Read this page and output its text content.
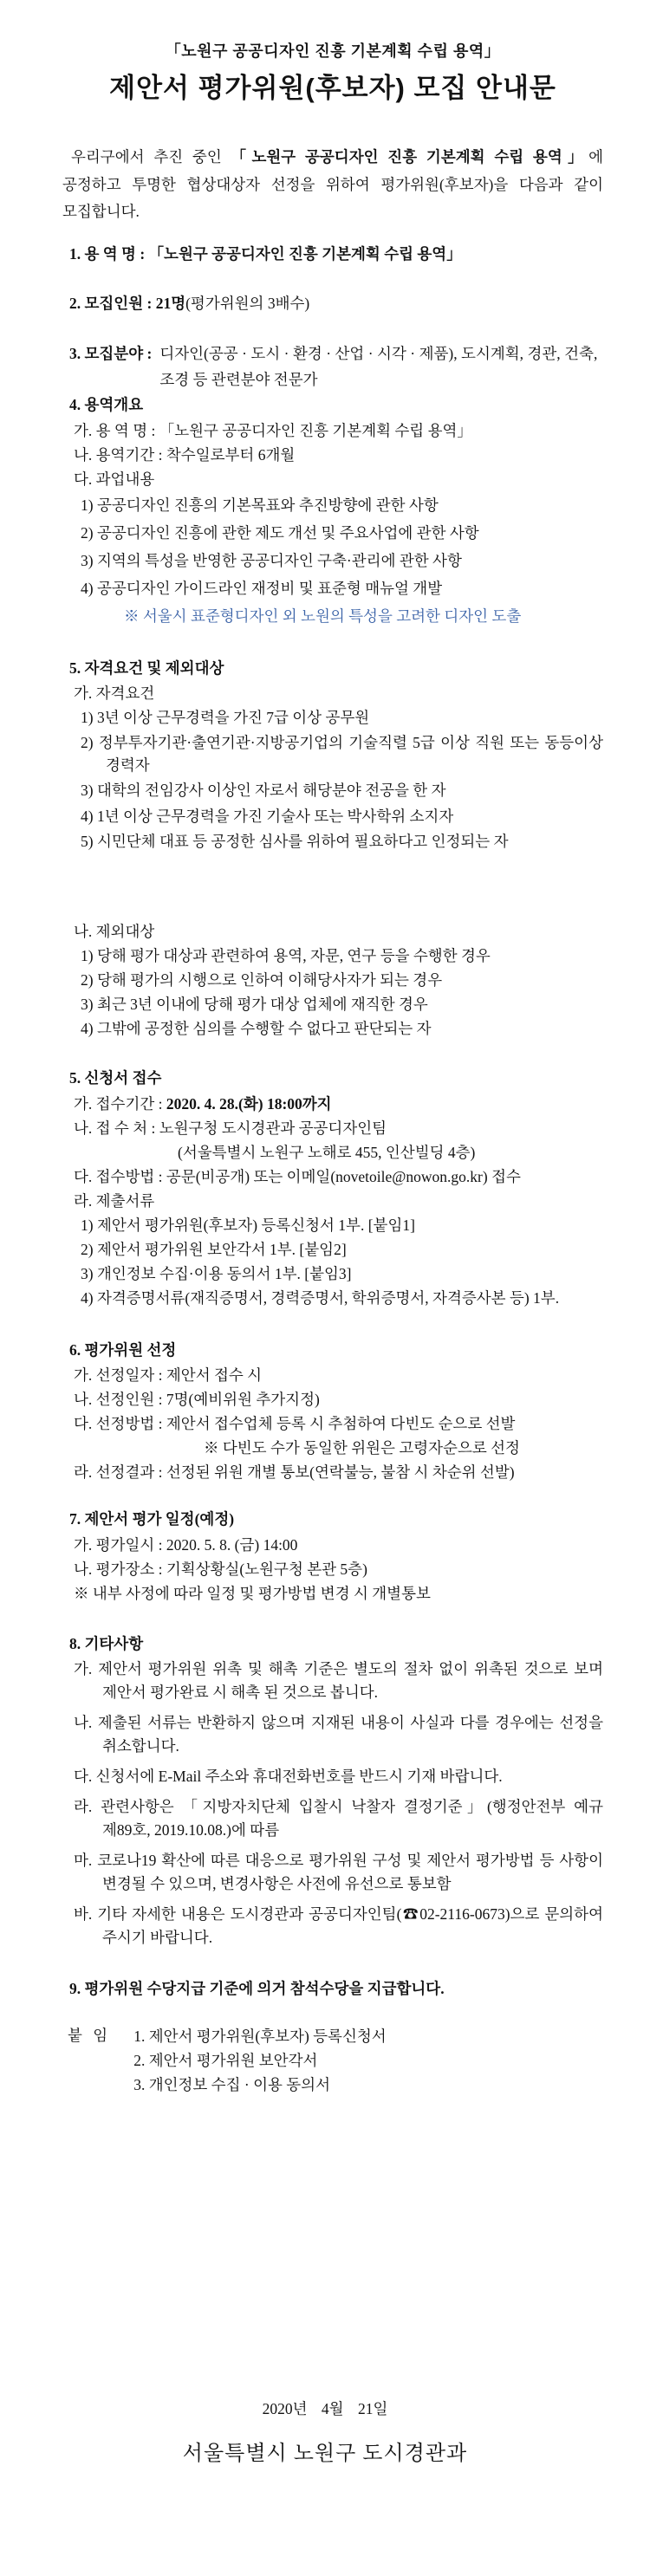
「노원구 공공디자인 진흥 기본계획 수립 용역」
제안서 평가위원(후보자) 모집 안내문
우리구에서 추진 중인 「노원구 공공디자인 진흥 기본계획 수립 용역」에 공정하고 투명한 협상대상자 선정을 위하여 평가위원(후보자)을 다음과 같이 모집합니다.
1. 용 역 명 : 「노원구 공공디자인 진흥 기본계획 수립 용역」
2. 모집인원 : 21명(평가위원의 3배수)
3. 모집분야 : 디자인(공공 · 도시 · 환경 · 산업 · 시각 · 제품), 도시계획, 경관, 건축, 조경 등 관련분야 전문가
4. 용역개요
가. 용 역 명 : 「노원구 공공디자인 진흥 기본계획 수립 용역」
나. 용역기간 : 착수일로부터 6개월
다. 과업내용
1) 공공디자인 진흥의 기본목표와 추진방향에 관한 사항
2) 공공디자인 진흥에 관한 제도 개선 및 주요사업에 관한 사항
3) 지역의 특성을 반영한 공공디자인 구축·관리에 관한 사항
4) 공공디자인 가이드라인 재정비 및 표준형 매뉴얼 개발
※ 서울시 표준형디자인 외 노원의 특성을 고려한 디자인 도출
5. 자격요건 및 제외대상
가. 자격요건
1) 3년 이상 근무경력을 가진 7급 이상 공무원
2) 정부투자기관·출연기관·지방공기업의 기술직렬 5급 이상 직원 또는 동등이상 경력자
3) 대학의 전임강사 이상인 자로서 해당분야 전공을 한 자
4) 1년 이상 근무경력을 가진 기술사 또는 박사학위 소지자
5) 시민단체 대표 등 공정한 심사를 위하여 필요하다고 인정되는 자
나. 제외대상
1) 당해 평가 대상과 관련하여 용역, 자문, 연구 등을 수행한 경우
2) 당해 평가의 시행으로 인하여 이해당사자가 되는 경우
3) 최근 3년 이내에 당해 평가 대상 업체에 재직한 경우
4) 그밖에 공정한 심의를 수행할 수 없다고 판단되는 자
5. 신청서 접수
가. 접수기간 : 2020. 4. 28.(화) 18:00까지
나. 접 수 처 : 노원구청 도시경관과 공공디자인팀
(서울특별시 노원구 노해로 455, 인산빌딩 4층)
다. 접수방법 : 공문(비공개) 또는 이메일(novetoile@nowon.go.kr) 접수
라. 제출서류
1) 제안서 평가위원(후보자) 등록신청서 1부. [붙임1]
2) 제안서 평가위원 보안각서 1부. [붙임2]
3) 개인정보 수집·이용 동의서 1부. [붙임3]
4) 자격증명서류(재직증명서, 경력증명서, 학위증명서, 자격증사본 등) 1부.
6. 평가위원 선정
가. 선정일자 : 제안서 접수 시
나. 선정인원 : 7명(예비위원 추가지정)
다. 선정방법 : 제안서 접수업체 등록 시 추첨하여 다빈도 순으로 선발
※ 다빈도 수가 동일한 위원은 고령자순으로 선정
라. 선정결과 : 선정된 위원 개별 통보(연락불능, 불참 시 차순위 선발)
7. 제안서 평가 일정(예정)
가. 평가일시 : 2020. 5. 8. (금) 14:00
나. 평가장소 : 기획상황실(노원구청 본관 5층)
※ 내부 사정에 따라 일정 및 평가방법 변경 시 개별통보
8. 기타사항
가. 제안서 평가위원 위촉 및 해촉 기준은 별도의 절차 없이 위촉된 것으로 보며 제안서 평가완료 시 해촉 된 것으로 봅니다.
나. 제출된 서류는 반환하지 않으며 지재된 내용이 사실과 다를 경우에는 선정을 취소합니다.
다. 신청서에 E-Mail 주소와 휴대전화번호를 반드시 기재 바랍니다.
라. 관련사항은 「지방자치단체 입찰시 낙찰자 결정기준」(행정안전부 예규 제89호, 2019.10.08.)에 따름
마. 코로나19 확산에 따른 대응으로 평가위원 구성 및 제안서 평가방법 등 사항이 변경될 수 있으며, 변경사항은 사전에 유선으로 통보함
바. 기타 자세한 내용은 도시경관과 공공디자인팀(☎02-2116-0673)으로 문의하여 주시기 바랍니다.
9. 평가위원 수당지급 기준에 의거 참석수당을 지급합니다.
붙 임 1. 제안서 평가위원(후보자) 등록신청서
2. 제안서 평가위원 보안각서
3. 개인정보 수집 · 이용 동의서
2020년 4월 21일
서울특별시 노원구 도시경관과
